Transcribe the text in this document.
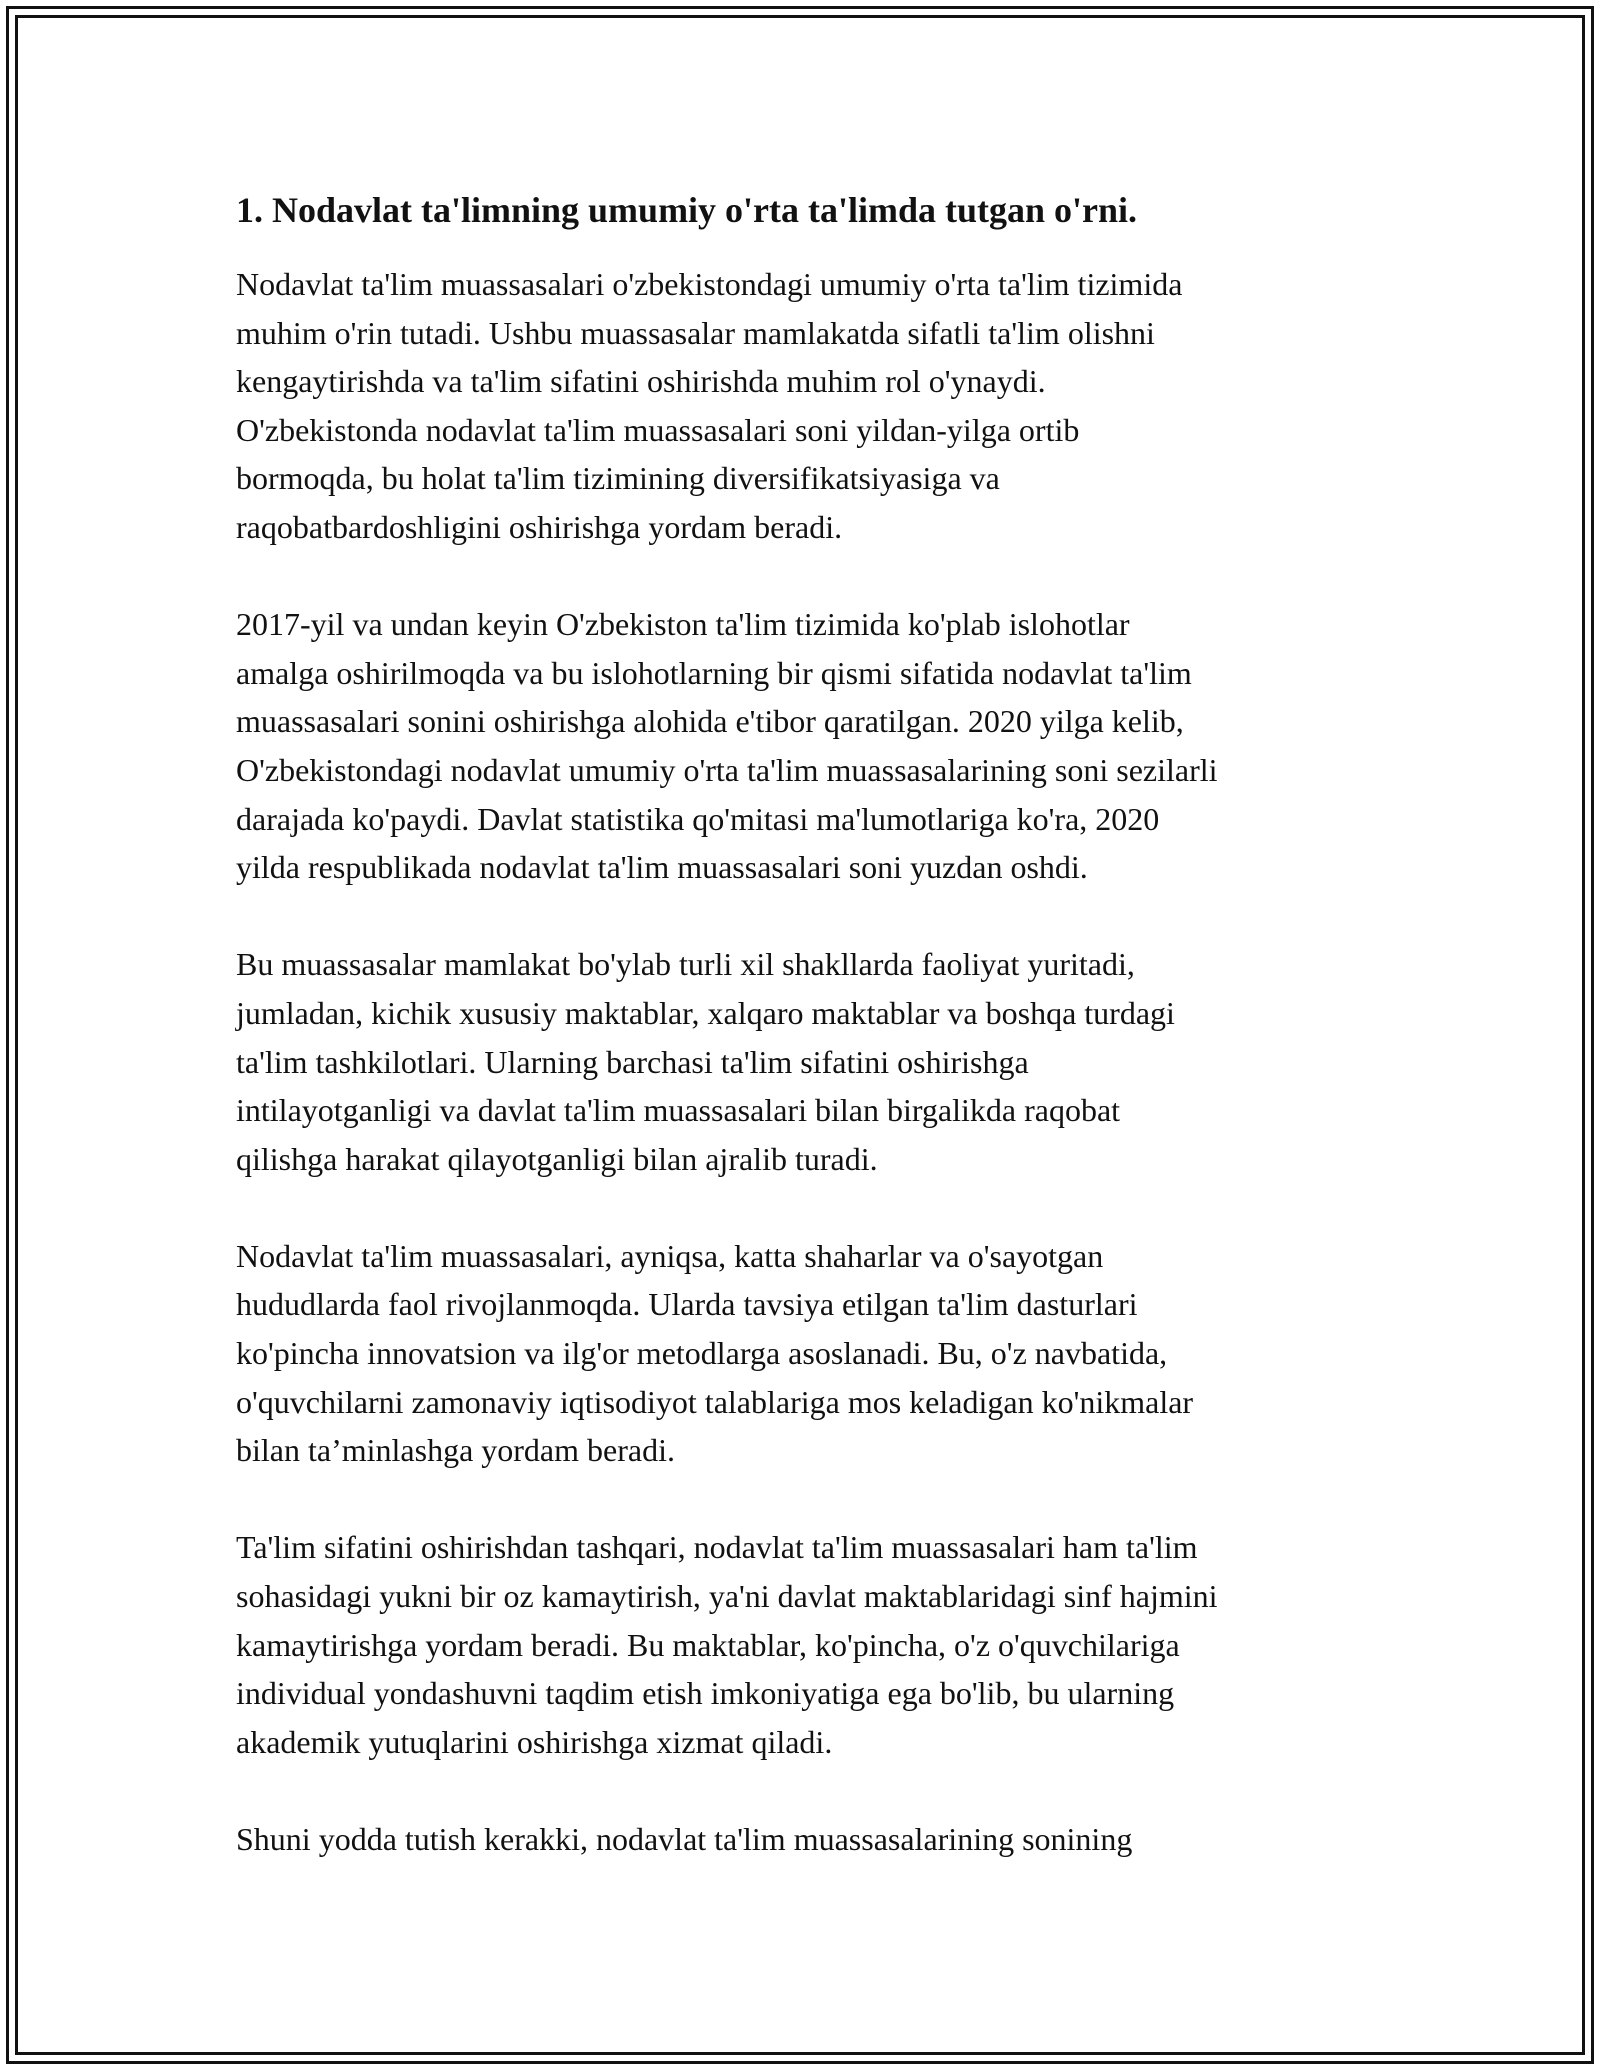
1. Nodavlat ta'limning umumiy o'rta ta'limda tutgan o'rni.
Nodavlat ta'lim muassasalari o'zbekistondagi umumiy o'rta ta'lim tizimida
muhim o'rin tutadi. Ushbu muassasalar mamlakatda sifatli ta'lim olishni
kengaytirishda va ta'lim sifatini oshirishda muhim rol o'ynaydi.
O'zbekistonda nodavlat ta'lim muassasalari soni yildan-yilga ortib
bormoqda, bu holat ta'lim tizimining diversifikatsiyasiga va
raqobatbardoshligini oshirishga yordam beradi.
2017-yil va undan keyin O'zbekiston ta'lim tizimida ko'plab islohotlar
amalga oshirilmoqda va bu islohotlarning bir qismi sifatida nodavlat ta'lim
muassasalari sonini oshirishga alohida e'tibor qaratilgan. 2020 yilga kelib,
O'zbekistondagi nodavlat umumiy o'rta ta'lim muassasalarining soni sezilarli
darajada ko'paydi. Davlat statistika qo'mitasi ma'lumotlariga ko'ra, 2020
yilda respublikada nodavlat ta'lim muassasalari soni yuzdan oshdi.
Bu muassasalar mamlakat bo'ylab turli xil shakllarda faoliyat yuritadi,
jumladan, kichik xususiy maktablar, xalqaro maktablar va boshqa turdagi
ta'lim tashkilotlari. Ularning barchasi ta'lim sifatini oshirishga
intilayotganligi va davlat ta'lim muassasalari bilan birgalikda raqobat
qilishga harakat qilayotganligi bilan ajralib turadi.
Nodavlat ta'lim muassasalari, ayniqsa, katta shaharlar va o'sayotgan
hududlarda faol rivojlanmoqda. Ularda tavsiya etilgan ta'lim dasturlari
ko'pincha innovatsion va ilg'or metodlarga asoslanadi. Bu, o'z navbatida,
o'quvchilarni zamonaviy iqtisodiyot talablariga mos keladigan ko'nikmalar
bilan ta’minlashga yordam beradi.
Ta'lim sifatini oshirishdan tashqari, nodavlat ta'lim muassasalari ham ta'lim
sohasidagi yukni bir oz kamaytirish, ya'ni davlat maktablaridagi sinf hajmini
kamaytirishga yordam beradi. Bu maktablar, ko'pincha, o'z o'quvchilariga
individual yondashuvni taqdim etish imkoniyatiga ega bo'lib, bu ularning
akademik yutuqlarini oshirishga xizmat qiladi.
Shuni yodda tutish kerakki, nodavlat ta'lim muassasalarining sonining
